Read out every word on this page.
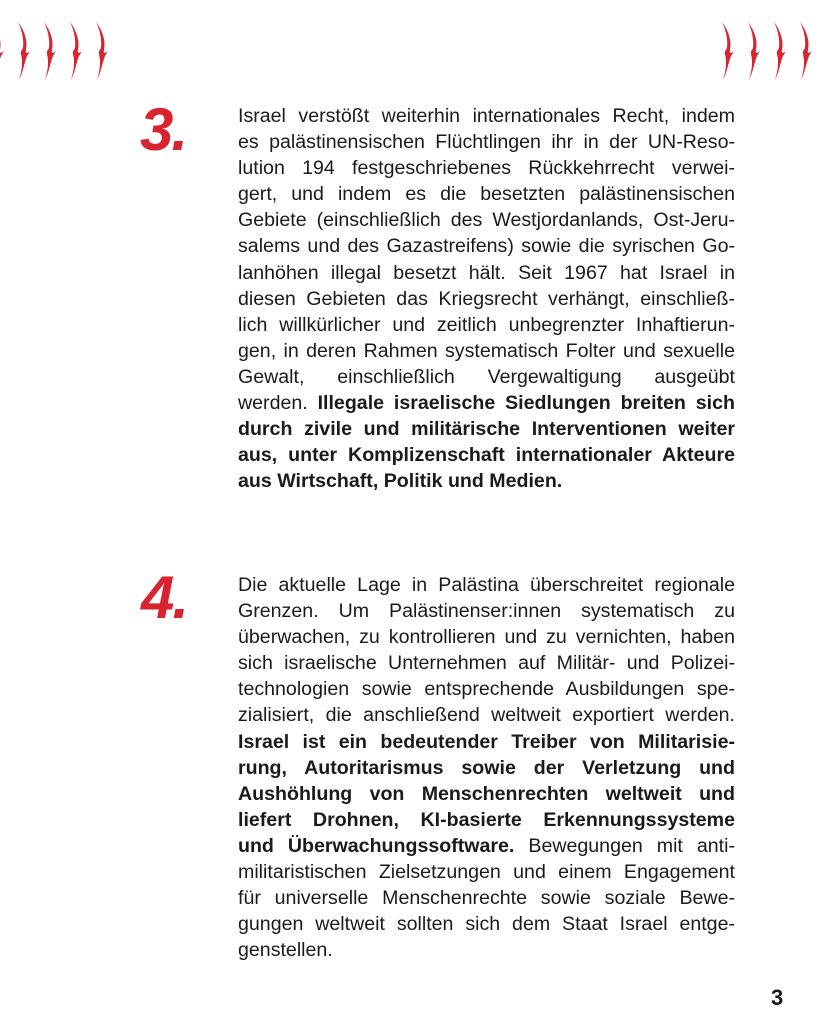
3.	Israel verstößt weiterhin internationales Recht, indem
es palästinensischen Flüchtlingen ihr in der UN-Reso-
lution 194 festgeschriebenes Rückkehrrecht verwei-
gert, und indem es die besetzten palästinensischen
Gebiete (einschließlich des Westjordanlands, Ost-Jeru-
salems und des Gazastreifens) sowie die syrischen Go-
lanhöhen illegal besetzt hält. Seit 1967 hat Israel in
diesen Gebieten das Kriegsrecht verhängt, einschließ-
lich willkürlicher und zeitlich unbegrenzter Inhaftierun-
gen, in deren Rahmen systematisch Folter und sexuelle
Gewalt, einschließlich Vergewaltigung ausgeübt
werden. Illegale israelische Siedlungen breiten sich
durch zivile und militärische Interventionen weiter
aus, unter Komplizenschaft internationaler Akteure
aus Wirtschaft, Politik und Medien.
4.	Die aktuelle Lage in Palästina überschreitet regionale
Grenzen. Um Palästinenser:innen systematisch zu
überwachen, zu kontrollieren und zu vernichten, haben
sich israelische Unternehmen auf Militär- und Polizei-
technologien sowie entsprechende Ausbildungen spe-
zialisiert, die anschließend weltweit exportiert werden.
Israel ist ein bedeutender Treiber von Militarisie-
rung, Autoritarismus sowie der Verletzung und
Aushöhlung von Menschenrechten weltweit und
liefert Drohnen, KI-basierte Erkennungssysteme
und Überwachungssoftware. Bewegungen mit anti-
militaristischen Zielsetzungen und einem Engagement
für universelle Menschenrechte sowie soziale Bewe-
gungen weltweit sollten sich dem Staat Israel entge-
genstellen.
3
